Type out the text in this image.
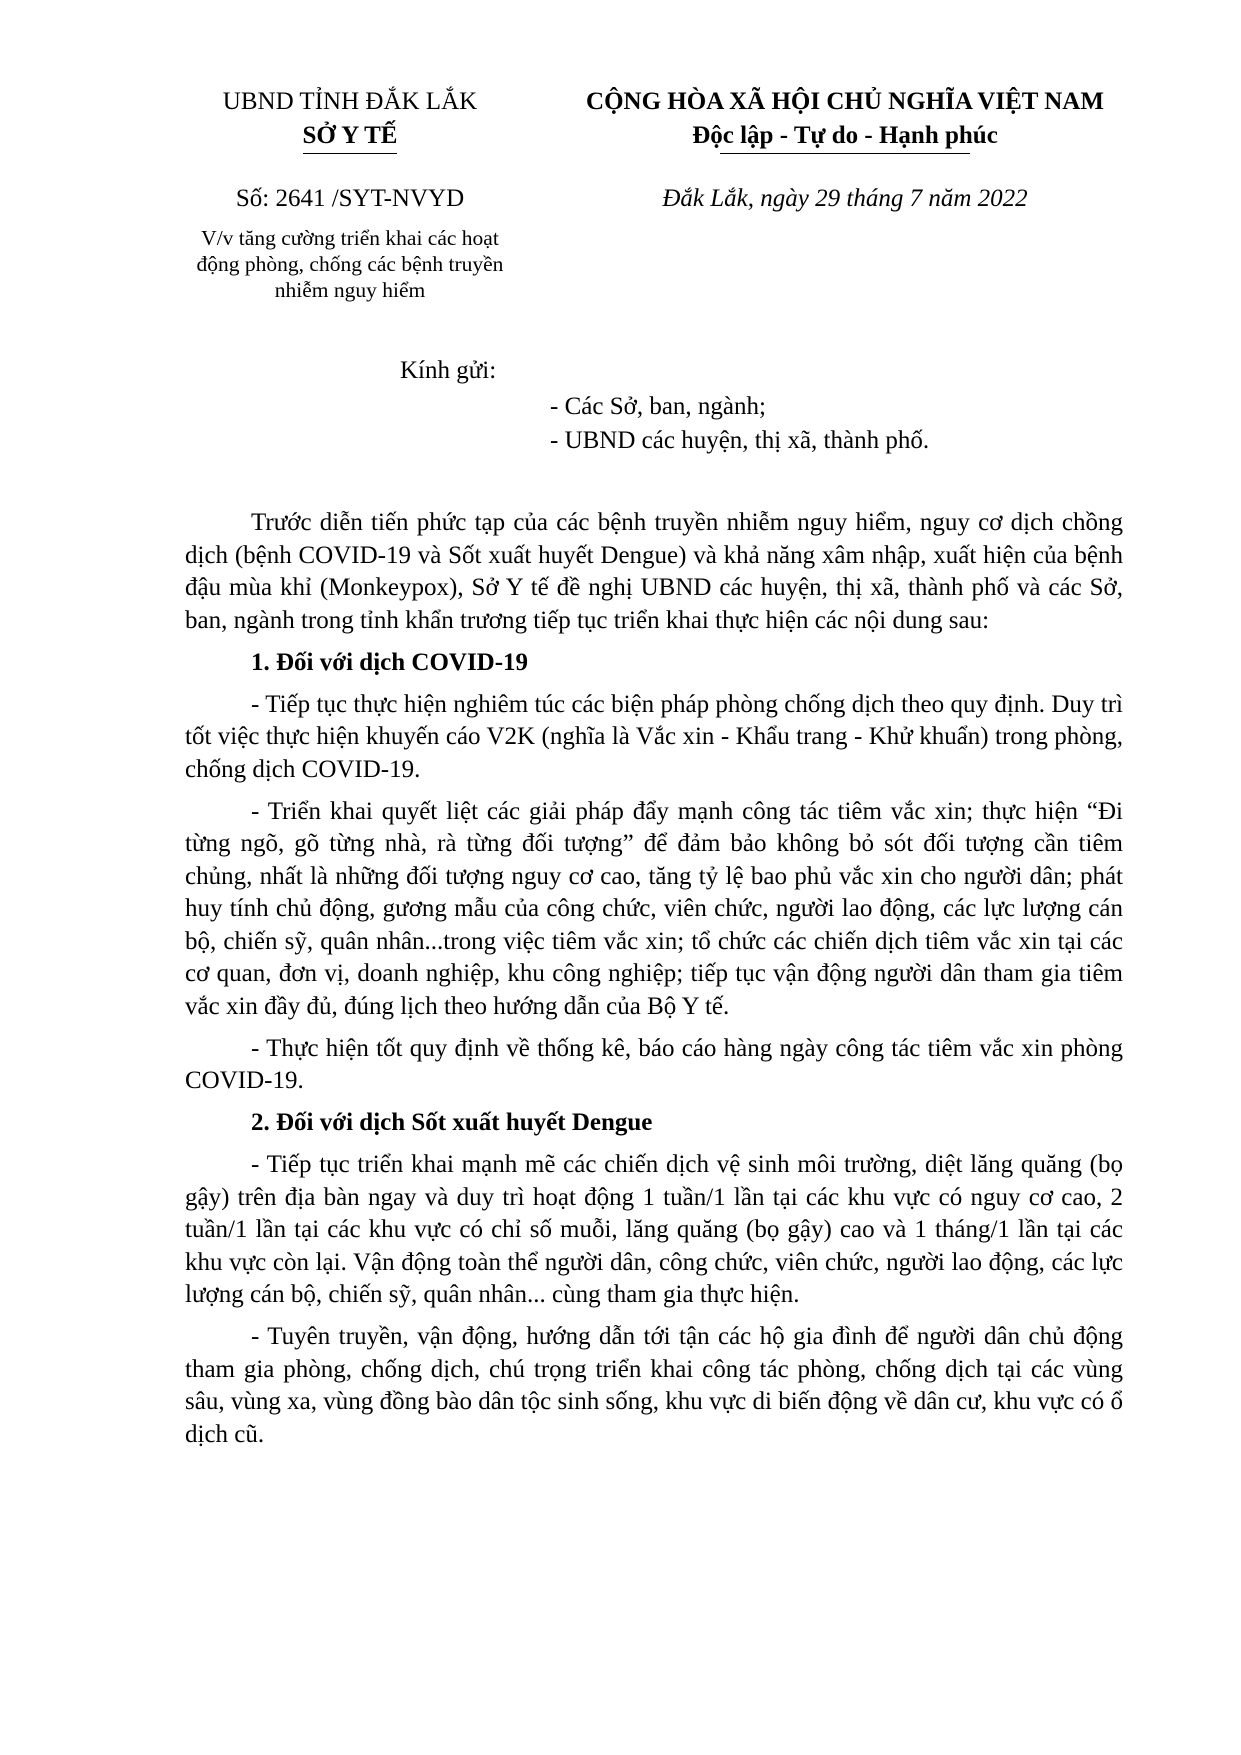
UBND TỈNH ĐẮK LẮK
SỞ Y TẾ
CỘNG HÒA XÃ HỘI CHỦ NGHĨA VIỆT NAM
Độc lập - Tự do - Hạnh phúc
Số: 2641 /SYT-NVYD	Đắk Lắk, ngày 29 tháng 7 năm 2022
V/v tăng cường triển khai các hoạt
động phòng, chống các bệnh truyền
nhiễm nguy hiểm
Kính gửi:
- Các Sở, ban, ngành;
- UBND các huyện, thị xã, thành phố.

Trước diễn tiến phức tạp của các bệnh truyền nhiễm nguy hiểm, nguy cơ dịch chồng dịch (bệnh COVID-19 và Sốt xuất huyết Dengue) và khả năng xâm nhập, xuất hiện của bệnh đậu mùa khỉ (Monkeypox), Sở Y tế đề nghị UBND các huyện, thị xã, thành phố và các Sở, ban, ngành trong tỉnh khẩn trương tiếp tục triển khai thực hiện các nội dung sau:

1. Đối với dịch COVID-19

- Tiếp tục thực hiện nghiêm túc các biện pháp phòng chống dịch theo quy định. Duy trì tốt việc thực hiện khuyến cáo V2K (nghĩa là Vắc xin - Khẩu trang - Khử khuẩn) trong phòng, chống dịch COVID-19.

- Triển khai quyết liệt các giải pháp đẩy mạnh công tác tiêm vắc xin; thực hiện “Đi từng ngõ, gõ từng nhà, rà từng đối tượng” để đảm bảo không bỏ sót đối tượng cần tiêm chủng, nhất là những đối tượng nguy cơ cao, tăng tỷ lệ bao phủ vắc xin cho người dân; phát huy tính chủ động, gương mẫu của công chức, viên chức, người lao động, các lực lượng cán bộ, chiến sỹ, quân nhân...trong việc tiêm vắc xin; tổ chức các chiến dịch tiêm vắc xin tại các cơ quan, đơn vị, doanh nghiệp, khu công nghiệp; tiếp tục vận động người dân tham gia tiêm vắc xin đầy đủ, đúng lịch theo hướng dẫn của Bộ Y tế.

- Thực hiện tốt quy định về thống kê, báo cáo hàng ngày công tác tiêm vắc xin phòng COVID-19.

2. Đối với dịch Sốt xuất huyết Dengue

- Tiếp tục triển khai mạnh mẽ các chiến dịch vệ sinh môi trường, diệt lăng quăng (bọ gậy) trên địa bàn ngay và duy trì hoạt động 1 tuần/1 lần tại các khu vực có nguy cơ cao, 2 tuần/1 lần tại các khu vực có chỉ số muỗi, lăng quăng (bọ gậy) cao và 1 tháng/1 lần tại các khu vực còn lại. Vận động toàn thể người dân, công chức, viên chức, người lao động, các lực lượng cán bộ, chiến sỹ, quân nhân... cùng tham gia thực hiện.

- Tuyên truyền, vận động, hướng dẫn tới tận các hộ gia đình để người dân chủ động tham gia phòng, chống dịch, chú trọng triển khai công tác phòng, chống dịch tại các vùng sâu, vùng xa, vùng đồng bào dân tộc sinh sống, khu vực di biến động về dân cư, khu vực có ổ dịch cũ.
